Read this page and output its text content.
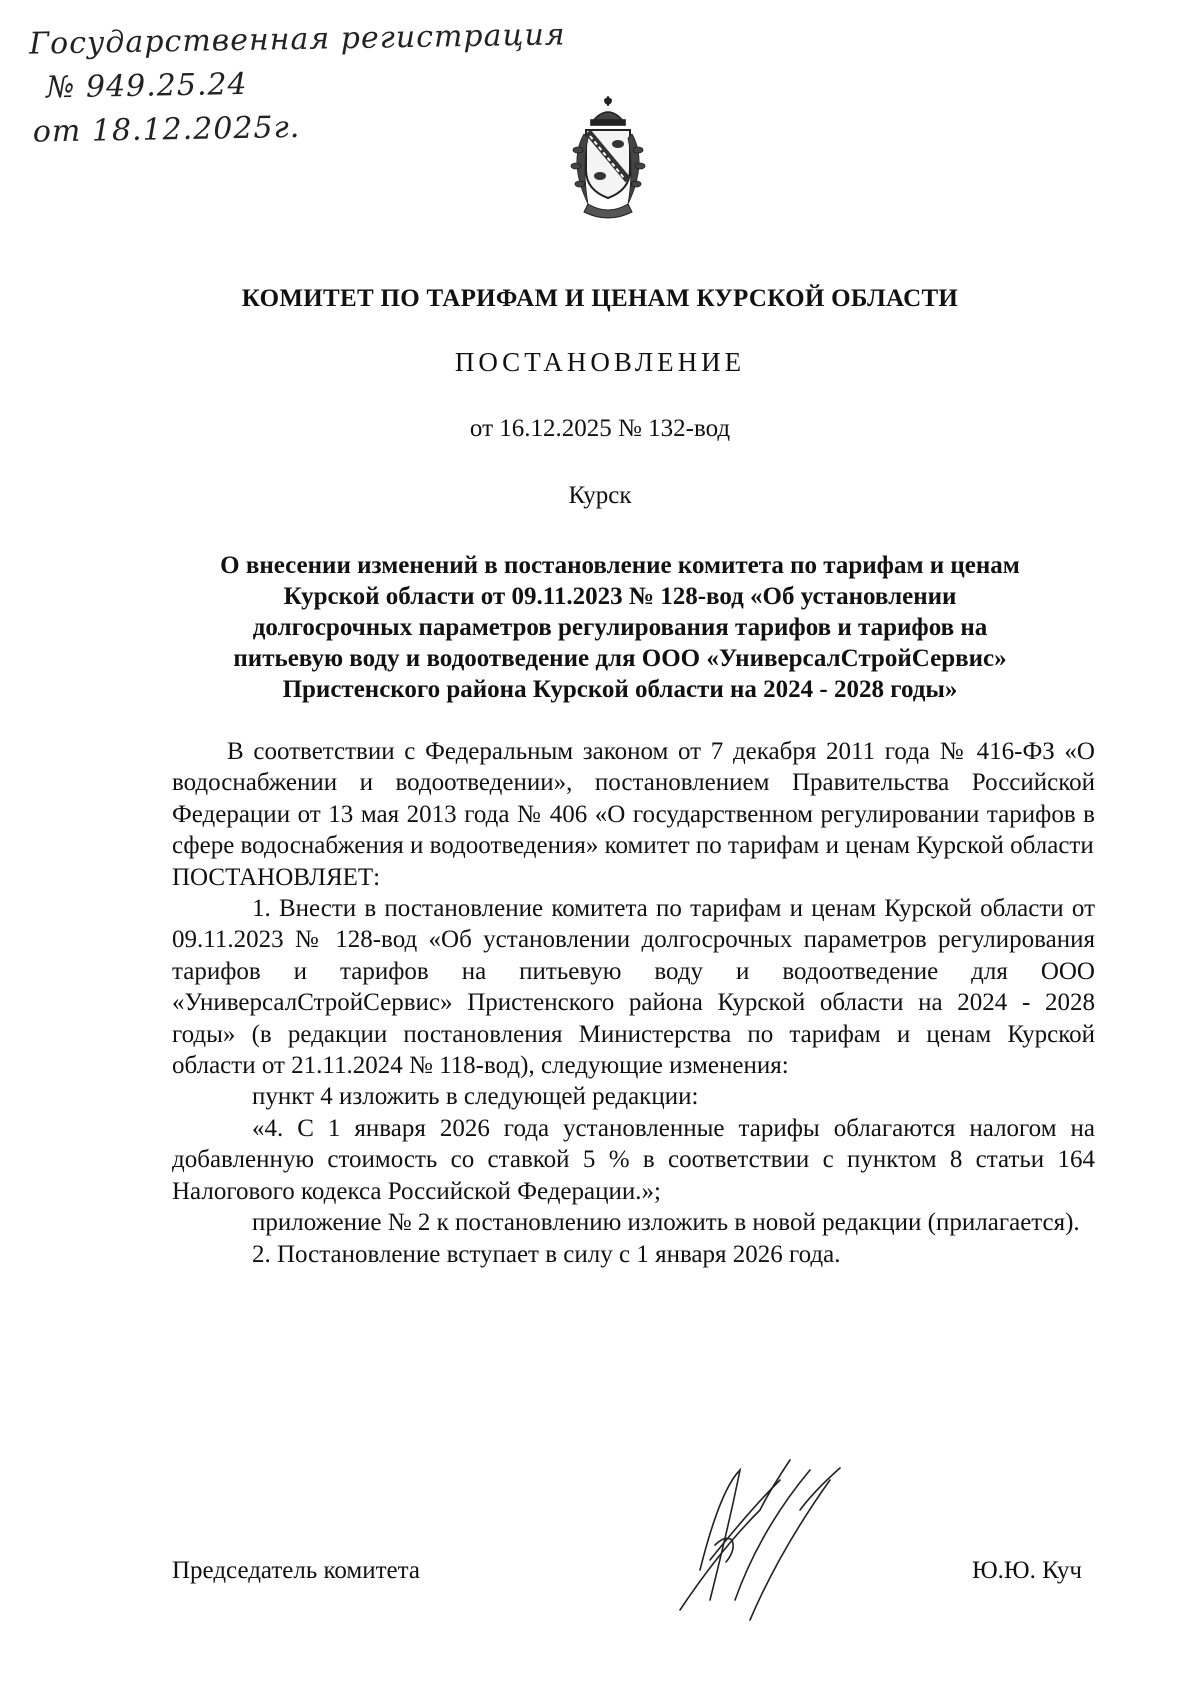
Государственная регистрация
№ 949.25.24
от 18.12.2025г.
КОМИТЕТ ПО ТАРИФАМ И ЦЕНАМ КУРСКОЙ ОБЛАСТИ
ПОСТАНОВЛЕНИЕ
от 16.12.2025 № 132-вод
Курск
О внесении изменений в постановление комитета по тарифам и ценам
Курской области от 09.11.2023 № 128-вод «Об установлении
долгосрочных параметров регулирования тарифов и тарифов на
питьевую воду и водоотведение для ООО «УниверсалСтройСервис»
Пристенского района Курской области на 2024 - 2028 годы»

В соответствии с Федеральным законом от 7 декабря 2011 года № 416-ФЗ «О водоснабжении и водоотведении», постановлением Правительства Российской Федерации от 13 мая 2013 года № 406 «О государственном регулировании тарифов в сфере водоснабжения и водоотведения» комитет по тарифам и ценам Курской области

ПОСТАНОВЛЯЕТ:

1. Внести в постановление комитета по тарифам и ценам Курской области от 09.11.2023 № 128-вод «Об установлении долгосрочных параметров регулирования тарифов и тарифов на питьевую воду и водоотведение для ООО «УниверсалСтройСервис» Пристенского района Курской области на 2024 - 2028 годы» (в редакции постановления Министерства по тарифам и ценам Курской области от 21.11.2024 № 118-вод), следующие изменения:

пункт 4 изложить в следующей редакции:

«4. С 1 января 2026 года установленные тарифы облагаются налогом на добавленную стоимость со ставкой 5 % в соответствии с пунктом 8 статьи 164 Налогового кодекса Российской Федерации.»;

приложение № 2 к постановлению изложить в новой редакции (прилагается).

2. Постановление вступает в силу с 1 января 2026 года.

Председатель комитета	Ю.Ю. Куч
